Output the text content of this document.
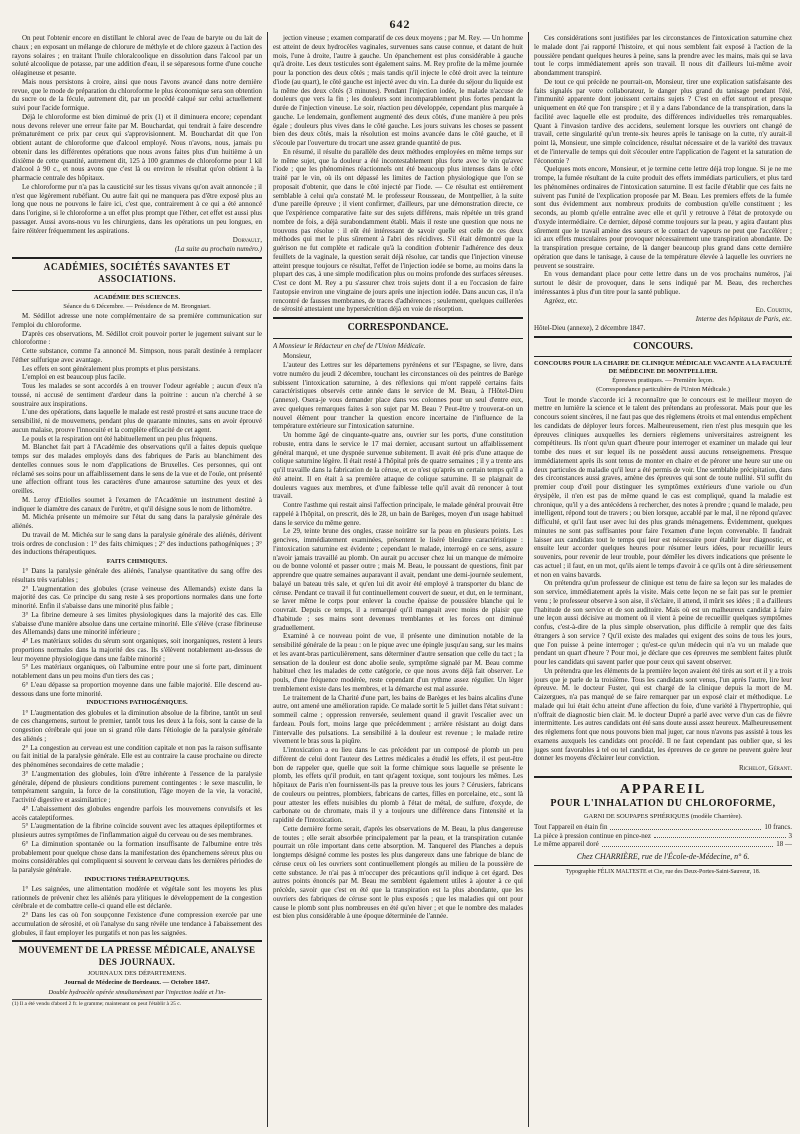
642

On peut l'obtenir encore en distillant le chloral avec de l'eau de baryte ou du lait de chaux ; en exposant un mélange de chlorure de méthyle et de chlore gazeux à l'action des rayons solaires ; en traitant l'huile chloralcoolique en dissolution dans l'alcool par un soluté alcoolique de potasse, par une addition d'eau, il se séparesous forme d'une couche oléagineuse et pesante.

Mais nous persistons à croire, ainsi que nous l'avons avancé dans notre dernière revue, que le mode de préparation du chloroforme le plus économique sera son obtention du sucre ou de la fécule, autrement dit, par un procédé calqué sur celui actuellement suivi pour l'acide formique.

Déjà le chloroforme est bien diminué de prix (1) et il diminuera encore; cependant nous devons relever une erreur faite par M. Bouchardat, qui tendrait à faire descendre prématurément ce prix par ceux qui s'approvisionnent. M. Bouchardat dit que l'on obtient autant de chloroforme que d'alcool employé. Nous n'avons, nous, jamais pu obtenir dans les différentes opérations que nous avons faites plus d'un huitième à un dixième de cette quantité, autrement dit, 125 à 100 grammes de chloroforme pour 1 kil d'alcool à 90 c., et nous avons que c'est là ou environ le résultat qu'on obtient à la pharmacie centrale des hôpitaux.

Le chloroforme pur n'a pas la causticité sur les tissus vivans qu'on avait annoncée ; il n'est que légèrement rubéfiant. Ou autre fait qui ne manquera pas d'être exposé plus au long que nous ne pouvons le faire ici, c'est que, contrairement à ce qui a été annoncé dans l'origine, si le chloroforme a un effet plus prompt que l'éther, cet effet est aussi plus passager. Aussi avons-nous vu les chirurgiens, dans les opérations un peu longues, en faire réitérer fréquemment les aspirations.

Dorvault,
(La suite au prochain numéro.)
ACADÉMIES, SOCIÉTÉS SAVANTES ET ASSOCIATIONS.
ACADÉMIE DES SCIENCES.
Séance du 6 Décembre. — Présidence de M. Brongniart.

M. Sédillot adresse une note complémentaire de sa première communication sur l'emploi du chloroforme.

D'après ces observations, M. Sédillot croit pouvoir porter le jugement suivant sur le chloroforme :

Cette substance, comme l'a annoncé M. Simpson, nous paraît destinée à remplacer l'éther sulfurique avec avantage.

Les effets en sont généralement plus prompts et plus persistans.

L'emploi en est beaucoup plus facile.

Tous les malades se sont accordés à en trouver l'odeur agréable ; aucun d'eux n'a toussé, ni accusé de sentiment d'ardeur dans la poitrine : aucun n'a cherché à se soustraire aux inspirations.

L'une des opérations, dans laquelle le malade est resté prostré et sans aucune trace de sensibilité, ni de mouvemens, pendant plus de quarante minutes, sans en avoir éprouvé aucun malaise, prouve l'innocuité et la complète efficacité de cet agent.

Le pouls et la respiration ont été habituellement un peu plus fréquens.

M. Blanchet fait part à l'Académie des observations qu'il a faites depuis quelque temps sur des malades employés dans des fabriques de Paris au blanchiment des dentelles connues sous le nom d'applications de Bruxelles. Ces personnes, qui ont réclamé ses soins pour un affaiblissement dans le sens de la vue et de l'ouïe, ont présenté une affection offrant tous les caractères d'une amaurose saturnine des yeux et des oreilles.

M. Leroy d'Etiolles soumet à l'examen de l'Académie un instrument destiné à indiquer le diamètre des canaux de l'urètre, et qu'il désigne sous le nom de lithomètre.

M. Michéa présente un mémoire sur l'état du sang dans la paralysie générale des aliénés.

Du travail de M. Michéa sur le sang dans la paralysie générale des aliénés, dérivent trois ordres de conclusion : 1° des faits chimiques ; 2° des inductions pathogéniques ; 3° des inductions thérapeutiques.

FAITS CHIMIQUES.

1° Dans la paralysie générale des aliénés, l'analyse quantitative du sang offre des résultats très variables ;

2° L'augmentation des globules (crase veineuse des Allemands) existe dans la majorité des cas. Ce principe du sang reste à ses proportions normales dans une forte minorité. Enfin il s'abaisse dans une minorité plus faible ;

3° La fibrine demeure à ses limites physiologiques dans la majorité des cas. Elle s'abaisse d'une manière absolue dans une certaine minorité. Elle s'élève (crase fibrineuse des Allemands) dans une minorité inférieure ;

4° Les matériaux solides du sérum sont organiques, soit inorganiques, restent à leurs proportions normales dans la majorité des cas. Ils s'élèvent notablement au-dessus de leur moyenne physiologique dans une faible minorité ;

5° Les matériaux organiques, où l'albumine entre pour une si forte part, diminuent notablement dans un peu moins d'un tiers des cas ;

6° L'eau dépasse sa proportion moyenne dans une faible majorité. Elle descend au-dessous dans une forte minorité.

INDUCTIONS PATHOGÉNIQUES.

1° L'augmentation des globules et la diminution absolue de la fibrine, tantôt un seul de ces changemens, surtout le premier, tantôt tous les deux à la fois, sont la cause de la congestion cérébrale qui joue un si grand rôle dans l'étiologie de la paralysie générale des aliénés ;

2° La congestion au cerveau est une condition capitale et non pas la raison suffisante ou fait initial de la paralysie générale. Elle est au contraire la cause prochaine ou directe des phénomènes secondaires de cette maladie ;

3° L'augmentation des globules, loin d'être inhérente à l'essence de la paralysie générale, dépend de plusieurs conditions purement contingentes : le sexe masculin, le tempérament sanguin, la force de la constitution, l'âge moyen de la vie, la voracité, l'activité digestive et assimilatrice ;

4° L'abaissement des globules engendre parfois les mouvemens convulsifs et les accès cataleptiformes.

5° L'augmentation de la fibrine coïncide souvent avec les attaques épileptiformes et plusieurs autres symptômes de l'inflammation aiguë du cerveau ou de ses membranes.

6° La diminution spontanée ou la formation insuffisante de l'albumine entre très probablement pour quelque chose dans la manifestation des épanchemens séreux plus ou moins considérables qui compliquent si souvent le cerveau dans les dernières périodes de la paralysie générale.

INDUCTIONS THÉRAPEUTIQUES.

1° Les saignées, une alimentation modérée et végétale sont les moyens les plus rationnels de prévenir chez les aliénés para ylitiques le développement de la congestion cérébrale et de combattre celle-ci quand elle est déclarée.

2° Dans les cas où l'on soupçonne l'existence d'une compression exercée par une accumulation de sérosité, et où l'analyse du sang révèle une tendance à l'abaissement des globules, il faut employer les purgatifs et non pas les saignées.

MOUVEMENT DE LA PRESSE MÉDICALE, ANALYSE DES JOURNAUX.
JOURNAUX DES DÉPARTEMENS.
Journal de Médecine de Bordeaux. — Octobre 1847.
Double hydrocèle opérée simultanément par l'injection iodée et l'in-
(1) Il a été vendu d'abord 2 fr. le gramme; maintenant on peut l'établir à 25 c.

jection vineuse ; examen comparatif de ces deux moyens ; par M. Rey. — Un homme est atteint de deux hydrocèles vaginales, survenues sans cause connue, et datant de huit mois, l'une à droite, l'autre à gauche. Un épanchement est plus considérable à gauche qu'à droite. Les deux testicules sont également sains. M. Rey profite de la même journée pour la ponction des deux côtés ; mais tandis qu'il injecte le côté droit avec la teinture d'iode (au quart), le côté gauche est injecté avec du vin. La durée du séjour du liquide est la même des deux côtés (3 minutes). Pendant l'injection iodée, le malade n'accuse de douleurs que vers la fin ; les douleurs sont incomparablement plus fortes pendant la durée de l'injection vineuse. Le soir, réaction peu développée, cependant plus marquée à gauche. Le lendemain, gonflement augmenté des deux côtés, d'une manière à peu près égale ; douleurs plus vives dans le côté gauche. Les jours suivans les choses se passent bien des deux côtés, mais la résolution est moins avancée dans le côté gauche, et il s'écoule par l'ouverture du trocart une assez grande quantité de pus.

En résumé, il résulte du parallèle des deux méthodes employées en même temps sur le même sujet, que la douleur a été incontestablement plus forte avec le vin qu'avec l'iode ; que les phénomènes réactionnels ont été beaucoup plus intenses dans le côté traité par le vin, où ils ont dépassé les limites de l'action physiologique que l'on se proposait d'obtenir, que dans le côté injecté par l'iode. — Ce résultat est entièrement semblable à celui qu'a constaté M. le professeur Rousseau, de Montpellier, à la suite d'une pareille épreuve ; il vient confirmer, d'ailleurs, par une démonstration directe, ce que l'expérience comparative faite sur des sujets différens, mais répétée un très grand nombre de fois, a déjà surabondamment établi. Mais il reste une question que nous ne trouvons pas résolue : il eût été intéressant de savoir quelle est celle de ces deux méthodes qui met le plus sûrement à l'abri des récidives. S'il était démontré que la guérison ne fut complète et radicale qu'à la condition d'obtenir l'adhérence des deux feuillets de la vaginale, la question serait déjà résolue, car tandis que l'injection vineuse atteint presque toujours ce résultat, l'effet de l'injection iodée se borne, au moins dans la plupart des cas, à une simple modification plus ou moins profonde des surfaces séreuses. C'est ce dont M. Rey a pu s'assurer chez trois sujets dont il a eu l'occasion de faire l'autopsie environ une vingtaine de jours après une injection iodée. Dans aucun cas, il n'a rencontré de fausses membranes, de traces d'adhérences ; seulement, quelques cuillerées de sérosité attestaient une hypersécrétion déjà en voie de résorption.

CORRESPONDANCE.
A Monsieur le Rédacteur en chef de l'Union Médicale.

Monsieur,

L'auteur des Lettres sur les départemens pyrénéens et sur l'Espagne, se livre, dans votre numéro du jeudi 2 décembre, touchant les circonstances où des peintres de Barège subissent l'intoxication saturnine, à des réflexions qui m'ont rappelé certains faits caractéristiques observés cette année dans le service de M. Beau, à l'Hôtel-Dieu (annexe). Osera-je vous demander place dans vos colonnes pour un seul d'entre eux, avec quelques remarques faites à son sujet par M. Beau ? Peut-être y trouverat-on un nouvel élément pour trancher la question encore incertaine de l'influence de la température extérieure sur l'intoxication saturnine.

Un homme âgé de cinquante-quatre ans, ouvrier sur les ports, d'une constitution robuste, entra dans le service le 17 mai dernier, accusant surtout un affaiblissement général marqué, et une dyspnée survenue subitement. Il avait été pris d'une attaque de colique saturnine légère. Il était resté à l'hôpital près de quatre semaines ; il y a trente ans qu'il travaille dans la fabrication de la céruse, et ce n'est qu'après un certain temps qu'il a été atteint. Il en était à sa première attaque de colique saturnine. Il se plaignait de douleurs vagues aux membres, et d'une faiblesse telle qu'il avait dû renoncer à tout travail.

Contre l'asthme qui restait ainsi l'affection principale, le malade général prouvait être rappelé à l'hôpital, on prescrit, dès le 28, un bain de Barèges, moyen d'un usage habituel dans le service du même genre.

Le 29, teinte brune des ongles, crasse noirâtre sur la peau en plusieurs points. Les gencives, immédiatement examinées, présentent le liséré bleuâtre caractéristique : l'intoxication saturnine est évidente ; cependant le malade, interrogé en ce sens, assure n'avoir jamais travaillé au plomb. On aurait pu accuser chez lui un manque de mémoire ou de bonne volonté et passer outre ; mais M. Beau, le poussant de questions, finit par apprendre que quatre semaines auparavant il avait, pendant une demi-journée seulement, balayé un bateau très sale, et qu'en lui dit avoir été employé à transporter du blanc de céruse. Pendant ce travail il fut continuellement couvert de sueur, et dut, en le terminant, se laver même le corps pour enlever la couche épaisse de poussière blanche qui le couvrait. Depuis ce temps, il a remarqué qu'il mangeait avec moins de plaisir que d'habitude ; ses mains sont devenues tremblantes et les forces ont diminué graduellement.

Examiné à ce nouveau point de vue, il présente une diminution notable de la sensibilité générale de la peau : on le pique avec une épingle jusqu'au sang, sur les mains et les avant-bras particulièrement, sans déterminer d'autre sensation que celle du tact ; la sensation de la douleur est donc abolie seule, symptôme signalé par M. Beau comme habituel chez les malades de cette catégorie, ce que nous avons déjà fait observer. Le pouls, d'une fréquence modérée, reste cependant d'un rythme assez régulier. Un léger tremblement existe dans les membres, et la démarche est mal assurée.

Le traitement de la Charité d'une part, les bains de Barèges et les bains alcalins d'une autre, ont amené une amélioration rapide. Ce malade sortit le 5 juillet dans l'état suivant : sommeil calme ; oppression renversée, seulement quand il gravit l'escalier avec un fardeau. Pouls fort, moins large que précédemment ; arrière résistant au doigt dans l'intervalle des pulsations. La sensibilité à la douleur est revenue ; le malade retire vivement le bras sous la piqûre.

L'intoxication a eu lieu dans le cas précédent par un composé de plomb un peu différent de celui dont l'auteur des Lettres médicales a étudié les effets, il est peut-être bon de rappeler que, quelle que soit la forme chimique sous laquelle se présente le plomb, les effets qu'il produit, en tant qu'agent toxique, sont toujours les mêmes. Les hôpitaux de Paris n'en fournissent-ils pas la preuve tous les jours ? Cérusiers, fabricans de couleurs ou peintres, plombiers, fabricans de cartes, filles en porcelaine, etc., sont là pour attester les effets nuisibles du plomb à l'état de métal, de sulfure, d'oxyde, de carbonate ou de chromate, mais il y a toujours une différence dans l'intensité et la rapidité de l'intoxication.

Cette dernière forme serait, d'après les observations de M. Beau, la plus dangereuse de toutes ; elle serait absorbée principalement par la peau, et la transpiration cutanée pourrait un rôle important dans cette absorption. M. Tanquerel des Planches a depuis longtemps désigné comme les postes les plus dangereux dans une fabrique de blanc de céruse ceux où les ouvriers sont continuellement plongés au milieu de la poussière de cette substance. Je n'ai pas à m'occuper des précautions qu'il indique à cet égard. Des autres points énoncés par M. Beau me semblent également utiles à ajouter à ce qui précède, savoir que c'est en été que la transpiration est la plus abondante, que les ouvriers des fabriques de céruse sont le plus exposés ; que les maladies qui ont pour cause le plomb sont plus nombreuses en été qu'en hiver ; et que le nombre des malades est bien plus considérable à une époque déterminée de l'année.

Ces considérations sont justifiées par les circonstances de l'intoxication saturnine chez le malade dont j'ai rapporté l'histoire, et qui nous semblent fait exposé à l'action de la poussière pendant quelques heures à peine, sans la prendre avec les mains, mais qui se lava tout le corps immédiatement après son travail. Il nous dit d'ailleurs lui-même avoir abondamment transpiré.

De tout ce qui précède ne pourrait-on, Monsieur, tirer une explication satisfaisante des faits signalés par votre collaborateur, le danger plus grand du tanisage pendant l'été, l'immunité apparente dont jouissent certains sujets ? C'est en effet surtout et presque uniquement en été que l'on transpire ; et il y a dans l'abondance de la transpiration, dans la facilité avec laquelle elle est produite, des différences individuelles très remarquables. Quant à l'invasion tardive des accidens, seulement lorsque les ouvriers ont changé de travail, cette singularité qu'un trente-six heures après le tanisage on la cutte, n'y aurait-il point là, Monsieur, une simple coïncidence, résultat nécessaire et de la variété des travaux et de l'intervalle de temps qui doit s'écouler entre l'application de l'agent et la saturation de l'économie ?

Quelques mots encore, Monsieur, et je termine cette lettre déjà trop longue. Si je ne me trompe, la fumée résultant de la cuite produit des effets immédiats particuliers, et plus tard les phénomènes ordinaires de l'intoxication saturnine. Il est facile d'établir que ces faits ne suivent pas l'unité de l'explication proposée par M. Beau. Les premiers effets de la fumée sont dus évidemment aux nombreux produits de combustion qu'elle constituent ; les seconds, au plomb qu'elle entraîne avec elle et qu'il y retrouve à l'état de protoxyde ou d'oxyde intermédiaire. Ce dernier, déposé comme toujours sur la peau, y agira d'autant plus sûrement que le travail amène des sueurs et le contact de vapeurs ne peut que l'accélérer ; ici aux effets musculaires pour provoquer nécessairement une transpiration abondante. De la transpiration presque certaine, de là danger beaucoup plus grand dans cette dernière opération que dans le tanisage, à cause de la température élevée à laquelle les ouvriers ne peuvent se soustraire.

En vous demandant place pour cette lettre dans un de vos prochains numéros, j'ai surtout le désir de provoquer, dans le sens indiqué par M. Beau, des recherches intéressantes à plus d'un titre pour la santé publique.

Agréez, etc.

Ed. Courtin,
Interne des hôpitaux de Paris, etc.
Hôtel-Dieu (annexe), 2 décembre 1847.
CONCOURS.
CONCOURS POUR LA CHAIRE DE CLINIQUE MÉDICALE VACANTE A LA FACULTÉ DE MÉDECINE DE MONTPELLIER.
Épreuves pratiques. — Première leçon.
(Correspondance particulière de l'Union Médicale.)

Tout le monde s'accorde ici à reconnaître que le concours est le meilleur moyen de mettre en lumière la science et le talent des prétendans au professorat. Mais pour que les concours soient sincères, il ne faut pas que des règlemens étroits et mal entendus empêchent les candidats de déployer leurs forces. Malheureusement, rien n'est plus mesquin que les épreuves cliniques auxquelles les derniers règlemens universitaires astreignent les compétiteurs. Ils n'ont qu'un quart d'heure pour interroger et examiner un malade qui leur tombe des nues et sur lequel ils ne possèdent aussi aucuns renseignemens. Presque immédiatement après ils sont tenus de monter en chaire et de pérorer une heure sur une ou deux particules de maladie qu'il leur a été permis de voir. Une semblable précipitation, dans des circonstances aussi graves, amène des épreuves qui sont de toute nullité. S'il suffit du premier coup d'œil pour distinguer les symptômes extérieurs d'une variole ou d'un érysipèle, il n'en est pas de même quand le cas est compliqué, quand la maladie est chronique, qu'il y a des antécédens à rechercher, des notes à prendre ; quand le malade, peu intelligent, répond tout de travers ; ou bien lorsque, accablé par le mal, il ne répond qu'avec difficulté, et qu'il faut user avec lui des plus grands ménagemens. Évidemment, quelques minutes ne sont pas suffisantes pour faire l'examen d'une leçon convenable. Il faudrait laisser aux candidats tout le temps qui leur est nécessaire pour établir leur diagnostic, et ensuite leur accorder quelques heures pour résumer leurs idées, pour recueillir leurs souvenirs, pour revenir de leur trouble, pour démêler les divers indications que présente le cas actuel ; il faut, en un mot, qu'ils aient le temps d'avoir à ce qu'ils ont à dire sérieusement et non en vains bavards.

On prétendra qu'un professeur de clinique est tenu de faire sa leçon sur les malades de son service, immédiatement après la visite. Mais cette leçon ne se fait pas sur le premier venu ; le professeur observe à son aise, il s'éclaire, il attend, il mûrit ses idées ; il a d'ailleurs l'habitude de son service et de son auditoire. Mais où est un malheureux candidat à faire une leçon aussi décisive au moment où il vient à peine de recueillir quelques symptômes confus, c'est-à-dire de la plus simple observation, plus difficile à remplir que des faits étrangers à son service ? Qu'il existe des malades qui exigent des soins de tous les jours, que l'on puisse à peine interroger ; qu'est-ce qu'un médecin qui n'a vu un malade que pendant un quart d'heure ? Pour moi, je déclare que ces épreuves me semblent faites plutôt pour les candidats qui savent parler que pour ceux qui savent observer.

Un prétendra que les éléments de la première leçon avaient été tirés au sort et il y a trois jours que je parle de la troisième. Tous les candidats sont venus, l'un après l'autre, lire leur épreuve. M. le docteur Fuster, qui est chargé de la clinique depuis la mort de M. Caizergues, n'a pas manqué de se faire remarquer par un exposé clair et méthodique. Le malade qui lui était échu atteint d'une affection du foie, d'une variété à l'hypertrophie, qui n'offrait de diagnostic bien clair. M. le docteur Dupré a parlé avec verve d'un cas de fièvre intermittente. Les autres candidats ont été sans doute aussi assez heureux. Malheureusement des règlemens font que nous pouvons bien mal juger, car nous n'avons pas assisté à tous les examens auxquels les candidats ont procédé. Il ne faut cependant pas oublier que, si les juges sont favorables à tel ou tel candidat, les épreuves de ce genre ne peuvent guère leur donner les moyens d'éclairer leur conviction.

Richelot, Gérant.
APPAREIL
POUR L'INHALATION DU CHLOROFORME,
GARNI DE SOUPAPES SPHÉRIQUES (modèle Charrière).
Tout l'appareil en étain fin	10 francs.
La pièce à pression continue en pince-nez	3
Le même appareil doré	18 —
Chez CHARRIÈRE, rue de l'École-de-Médecine, n° 6.
Typographie FÉLIX MALTESTE et Cie, rue des Deux-Portes-Saint-Sauveur, 18.
